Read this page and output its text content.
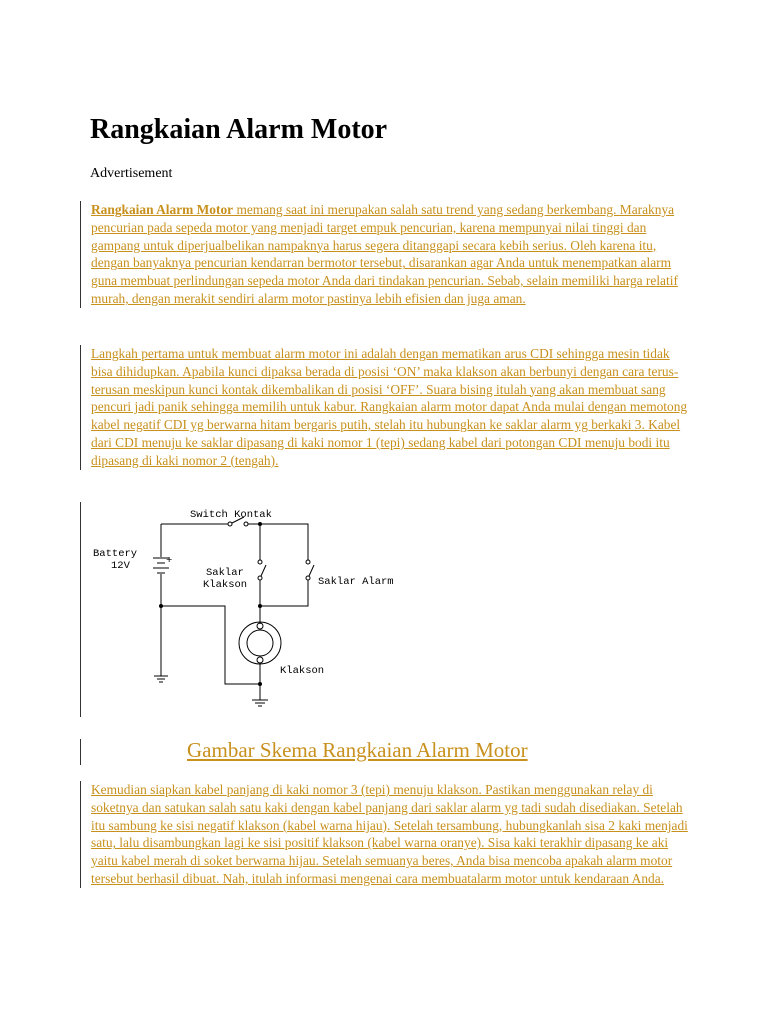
Rangkaian Alarm Motor
Advertisement

Rangkaian Alarm Motor memang saat ini merupakan salah satu trend yang sedang berkembang. Maraknya pencurian pada sepeda motor yang menjadi target empuk pencurian, karena mempunyai nilai tinggi dan gampang untuk diperjualbelikan nampaknya harus segera ditanggapi secara kebih serius. Oleh karena itu, dengan banyaknya pencurian kendarran bermotor tersebut, disarankan agar Anda untuk menempatkan alarm guna membuat perlindungan sepeda motor Anda dari tindakan pencurian. Sebab, selain memiliki harga relatif murah, dengan merakit sendiri alarm motor pastinya lebih efisien dan juga aman.

Langkah pertama untuk membuat alarm motor ini adalah dengan mematikan arus CDI sehingga mesin tidak bisa dihidupkan. Apabila kunci dipaksa berada di posisi ‘ON’ maka klakson akan berbunyi dengan cara terus-terusan meskipun kunci kontak dikembalikan di posisi ‘OFF’. Suara bising itulah yang akan membuat sang pencuri jadi panik sehingga memilih untuk kabur. Rangkaian alarm motor dapat Anda mulai dengan memotong kabel negatif CDI yg berwarna hitam bergaris putih, stelah itu hubungkan ke saklar alarm yg berkaki 3. Kabel dari CDI menuju ke saklar dipasang di kaki nomor 1 (tepi) sedang kabel dari potongan CDI menuju bodi itu dipasang di kaki nomor 2 (tengah).

Switch Kontak
Battery
12V	+
Saklar
Klakson	Saklar Alarm
Klakson
Gambar Skema Rangkaian Alarm Motor

Kemudian siapkan kabel panjang di kaki nomor 3 (tepi) menuju klakson. Pastikan menggunakan relay di soketnya dan satukan salah satu kaki dengan kabel panjang dari saklar alarm yg tadi sudah disediakan. Setelah itu sambung ke sisi negatif klakson (kabel warna hijau). Setelah tersambung, hubungkanlah sisa 2 kaki menjadi satu, lalu disambungkan lagi ke sisi positif klakson (kabel warna oranye). Sisa kaki terakhir dipasang ke aki yaitu kabel merah di soket berwarna hijau. Setelah semuanya beres, Anda bisa mencoba apakah alarm motor tersebut berhasil dibuat. Nah, itulah informasi mengenai cara membuatalarm motor untuk kendaraan Anda.
